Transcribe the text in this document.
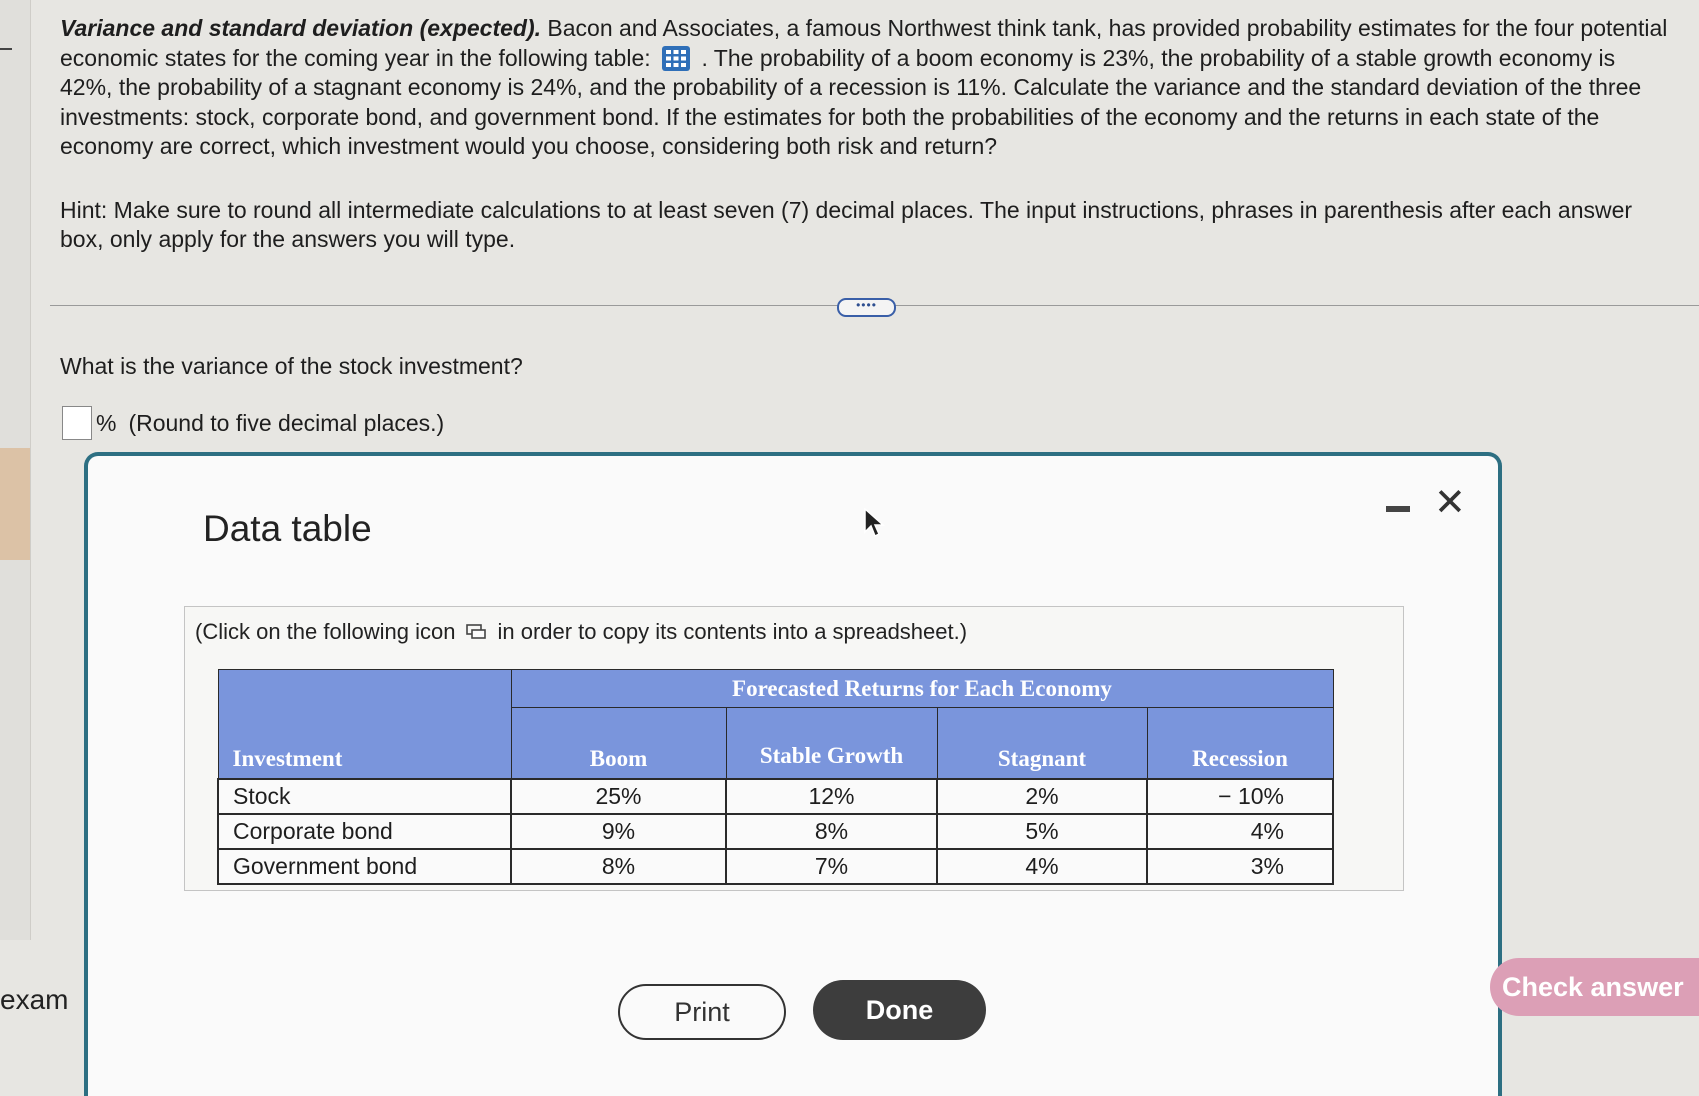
Variance and standard deviation (expected). Bacon and Associates, a famous Northwest think tank, has provided probability estimates for the four potential economic states for the coming year in the following table: . The probability of a boom economy is 23%, the probability of a stable growth economy is 42%, the probability of a stagnant economy is 24%, and the probability of a recession is 11%. Calculate the variance and the standard deviation of the three investments: stock, corporate bond, and government bond. If the estimates for both the probabilities of the economy and the returns in each state of the economy are correct, which investment would you choose, considering both risk and return?
Hint: Make sure to round all intermediate calculations to at least seven (7) decimal places. The input instructions, phrases in parenthesis after each answer box, only apply for the answers you will type.
••••
What is the variance of the stock investment?
% (Round to five decimal places.)
exam
Data table
✕
(Click on the following icon in order to copy its contents into a spreadsheet.)
Investment	Forecasted Returns for Each Economy			
	Boom	Stable Growth	Stagnant	Recession
Stock	25%	12%	2%	− 10%
Corporate bond	9%	8%	5%	4%
Government bond	8%	7%	4%	3%
Print	Done
Check answer
